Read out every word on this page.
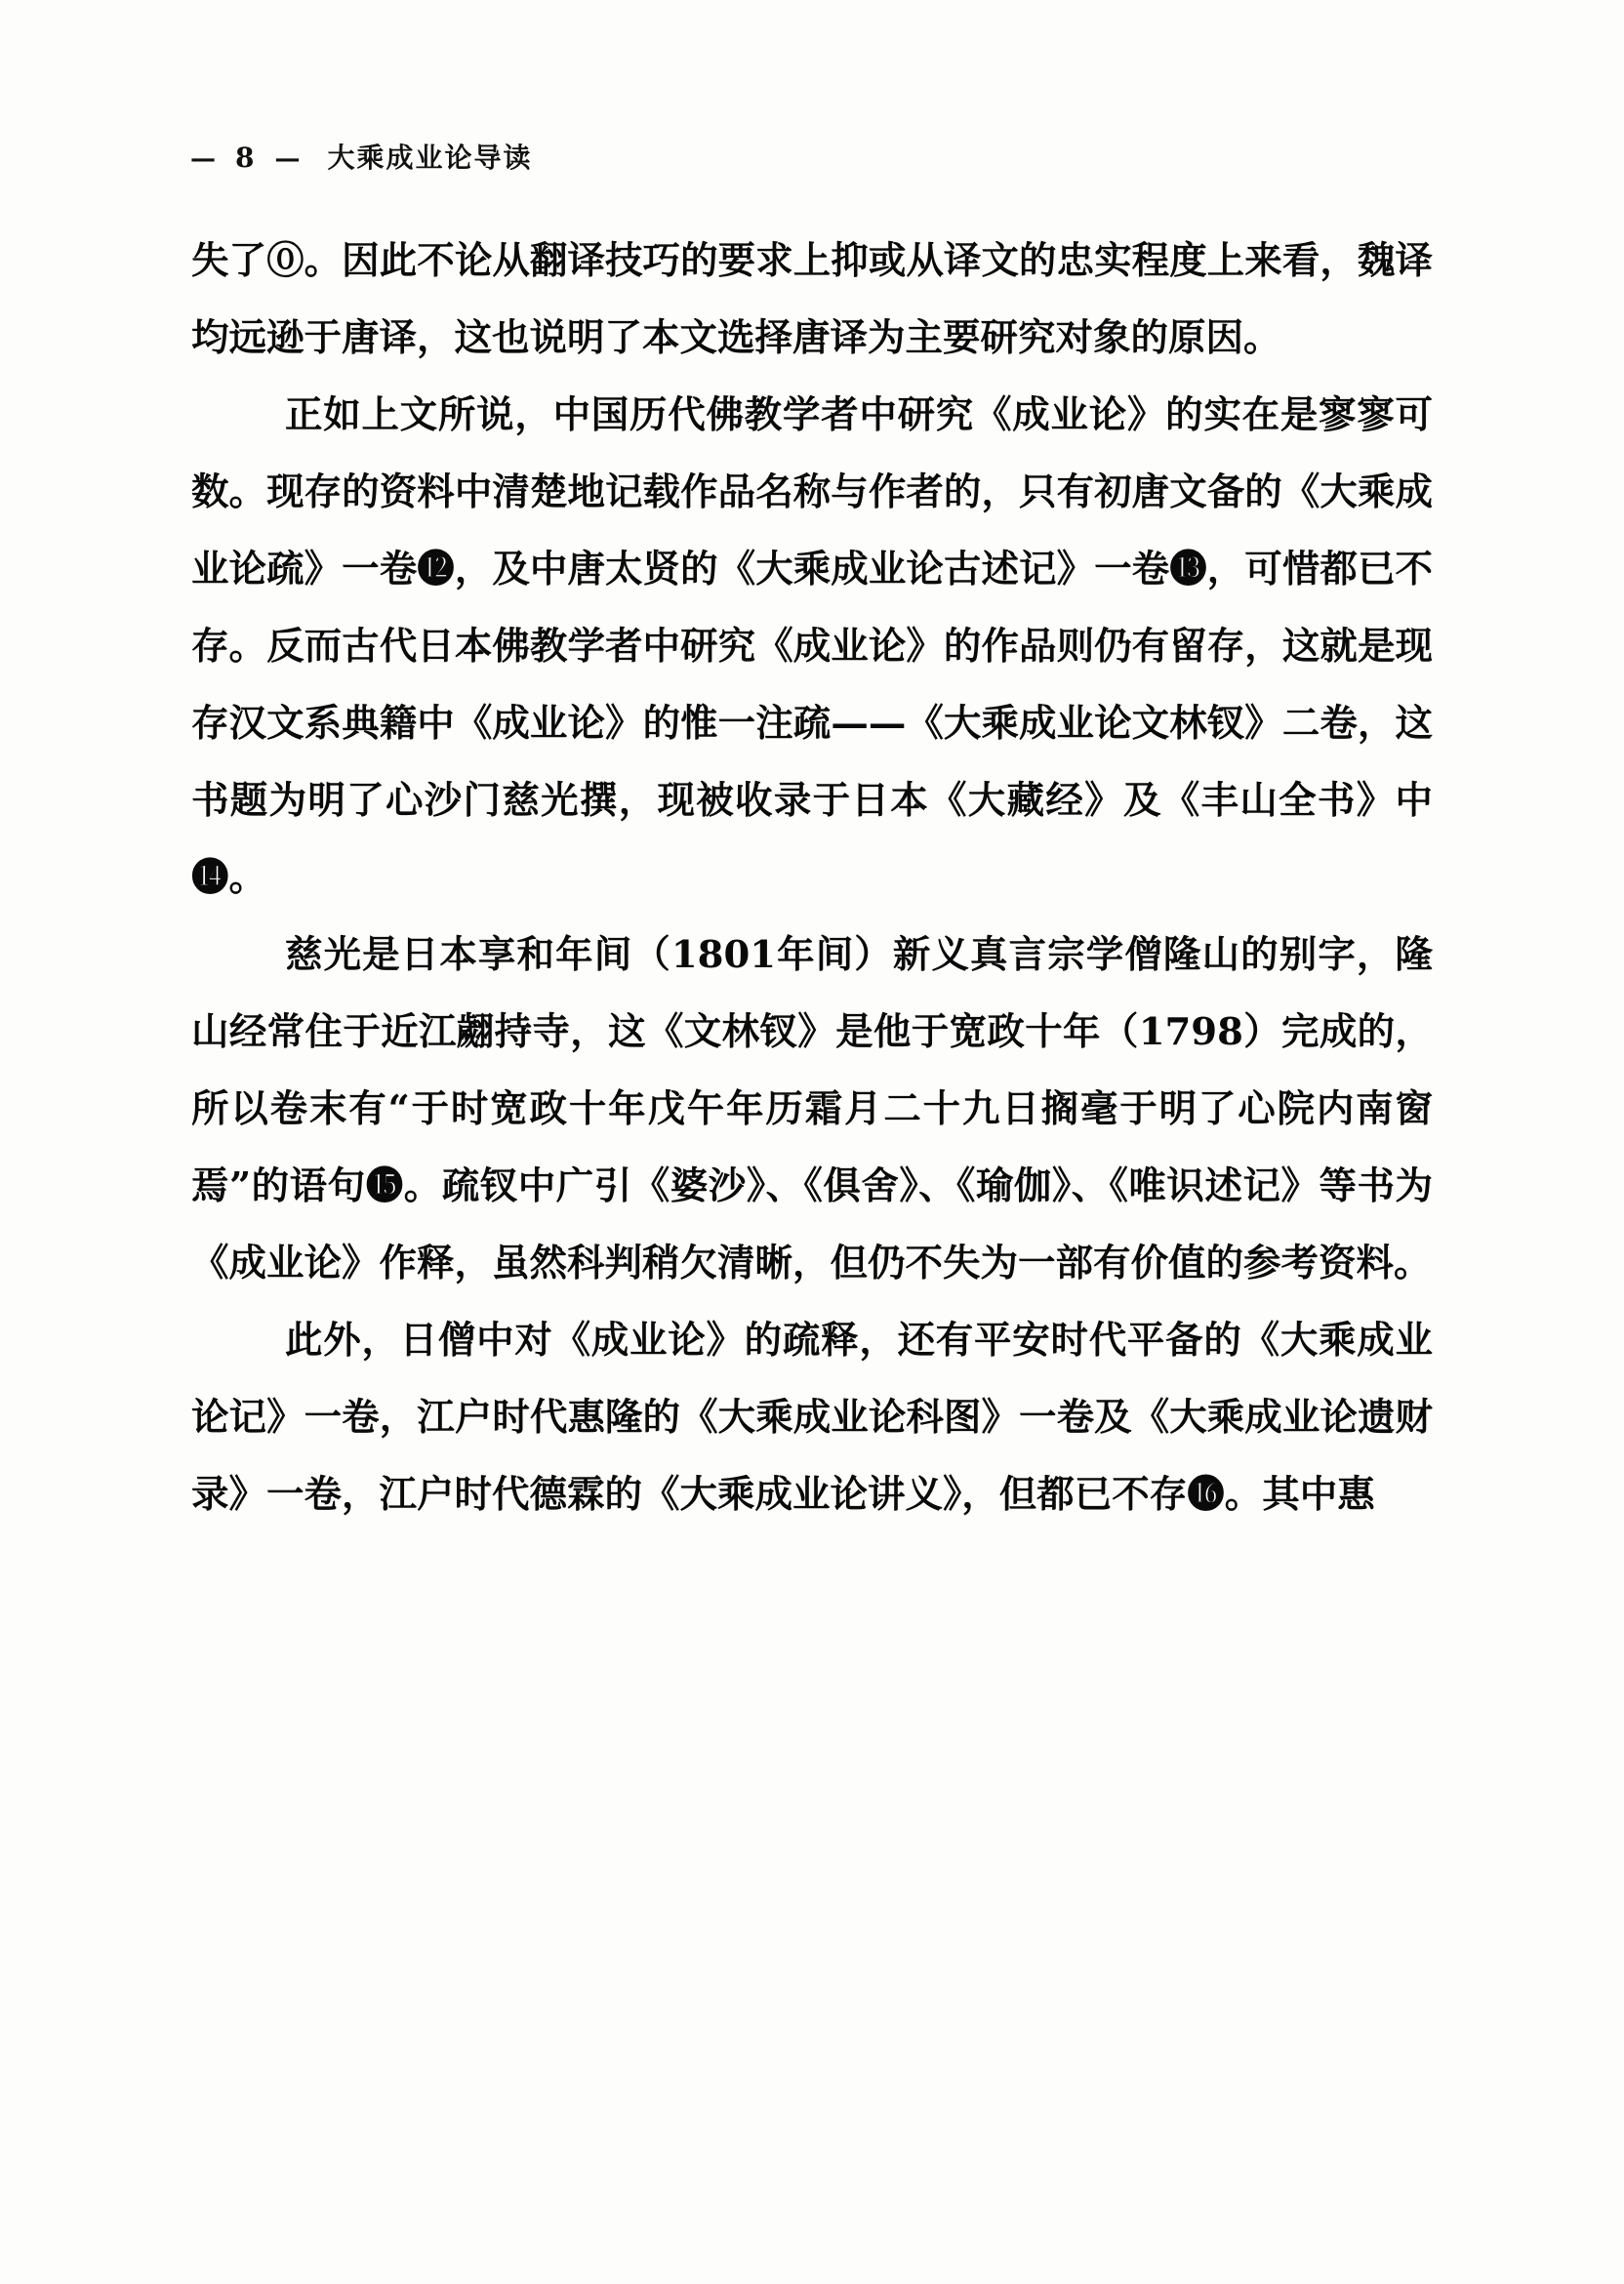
— 8 — 大乘成业论导读

失了⓪。因此不论从翻译技巧的要求上抑或从译文的忠实程度上来看，魏译均远逊于唐译，这也说明了本文选择唐译为主要研究对象的原因。

正如上文所说，中国历代佛教学者中研究《成业论》的实在是寥寥可数。现存的资料中清楚地记载作品名称与作者的，只有初唐文备的《大乘成业论疏》一卷⓬，及中唐太贤的《大乘成业论古述记》一卷⓭，可惜都已不存。反而古代日本佛教学者中研究《成业论》的作品则仍有留存，这就是现存汉文系典籍中《成业论》的惟一注疏——《大乘成业论文林钗》二卷，这书题为明了心沙门慈光撰，现被收录于日本《大藏经》及《丰山全书》中⓮。

慈光是日本享和年间（1801年间）新义真言宗学僧隆山的别字，隆山经常住于近江翽持寺，这《文林钗》是他于宽政十年（1798）完成的，所以卷末有“于时宽政十年戊午年历霜月二十九日搁毫于明了心院内南窗焉”的语句⓯。疏钗中广引《婆沙》、《俱舍》、《瑜伽》、《唯识述记》等书为《成业论》作释，虽然科判稍欠清晰，但仍不失为一部有价值的参考资料。

此外，日僧中对《成业论》的疏释，还有平安时代平备的《大乘成业论记》一卷，江户时代惠隆的《大乘成业论科图》一卷及《大乘成业论遗财录》一卷，江户时代德霖的《大乘成业论讲义》，但都已不存⓰。其中惠
